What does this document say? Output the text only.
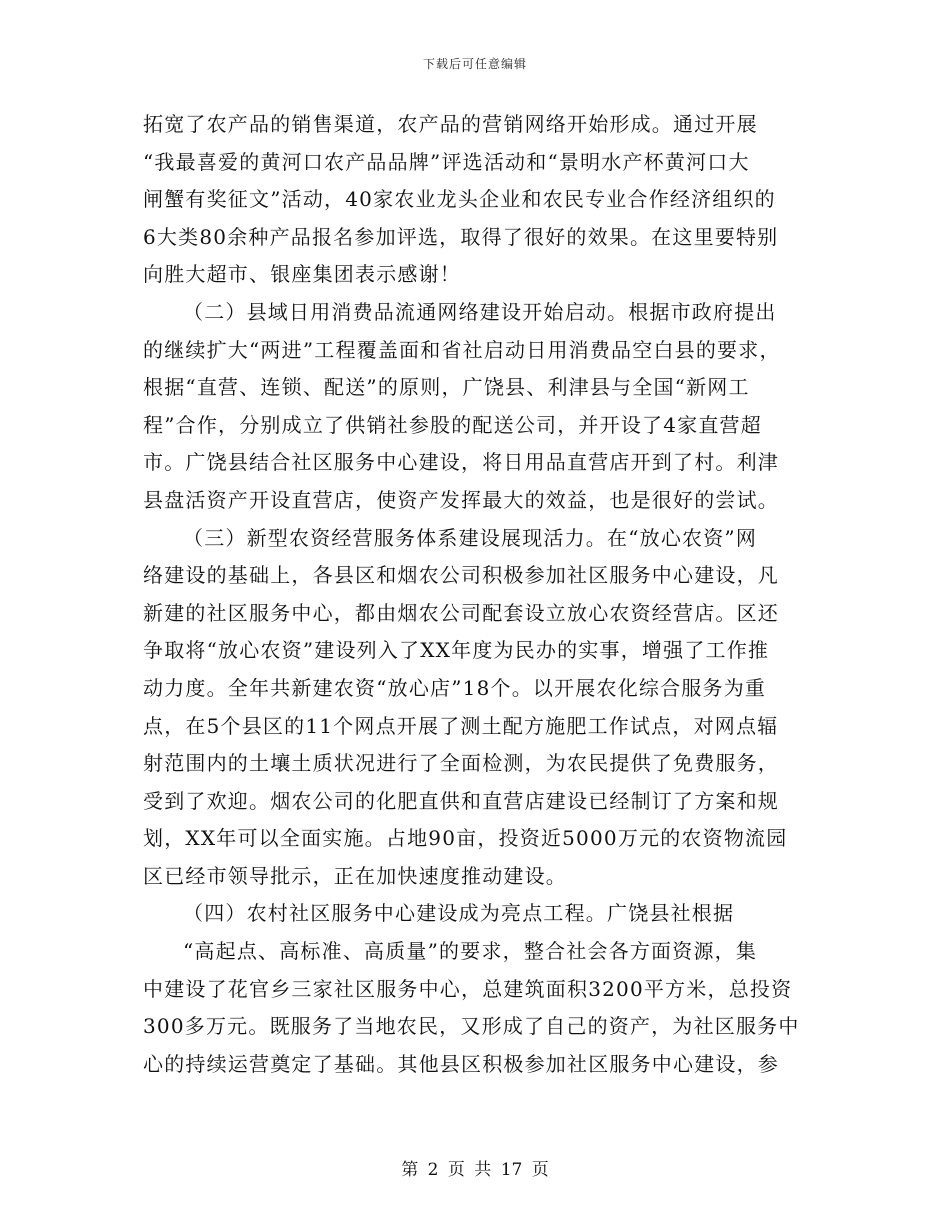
下载后可任意编辑
拓宽了农产品的销售渠道，农产品的营销网络开始形成。通过开展
“我最喜爱的黄河口农产品品牌”评选活动和“景明水产杯黄河口大
闸蟹有奖征文”活动，40家农业龙头企业和农民专业合作经济组织的
6大类80余种产品报名参加评选，取得了很好的效果。在这里要特别
向胜大超市、银座集团表示感谢！
（二）县域日用消费品流通网络建设开始启动。根据市政府提出
的继续扩大“两进”工程覆盖面和省社启动日用消费品空白县的要求，
根据“直营、连锁、配送”的原则，广饶县、利津县与全国“新网工
程”合作，分别成立了供销社参股的配送公司，并开设了4家直营超
市。广饶县结合社区服务中心建设，将日用品直营店开到了村。利津
县盘活资产开设直营店，使资产发挥最大的效益，也是很好的尝试。
（三）新型农资经营服务体系建设展现活力。在“放心农资”网
络建设的基础上，各县区和烟农公司积极参加社区服务中心建设，凡
新建的社区服务中心，都由烟农公司配套设立放心农资经营店。区还
争取将“放心农资”建设列入了XX年度为民办的实事，增强了工作推
动力度。全年共新建农资“放心店”18个。以开展农化综合服务为重
点，在5个县区的11个网点开展了测土配方施肥工作试点，对网点辐
射范围内的土壤土质状况进行了全面检测，为农民提供了免费服务，
受到了欢迎。烟农公司的化肥直供和直营店建设已经制订了方案和规
划，XX年可以全面实施。占地90亩，投资近5000万元的农资物流园
区已经市领导批示，正在加快速度推动建设。
（四）农村社区服务中心建设成为亮点工程。广饶县社根据
“高起点、高标准、高质量”的要求，整合社会各方面资源，集
中建设了花官乡三家社区服务中心，总建筑面积3200平方米，总投资
300多万元。既服务了当地农民，又形成了自己的资产，为社区服务中
心的持续运营奠定了基础。其他县区积极参加社区服务中心建设，参
第 2 页 共 17 页
